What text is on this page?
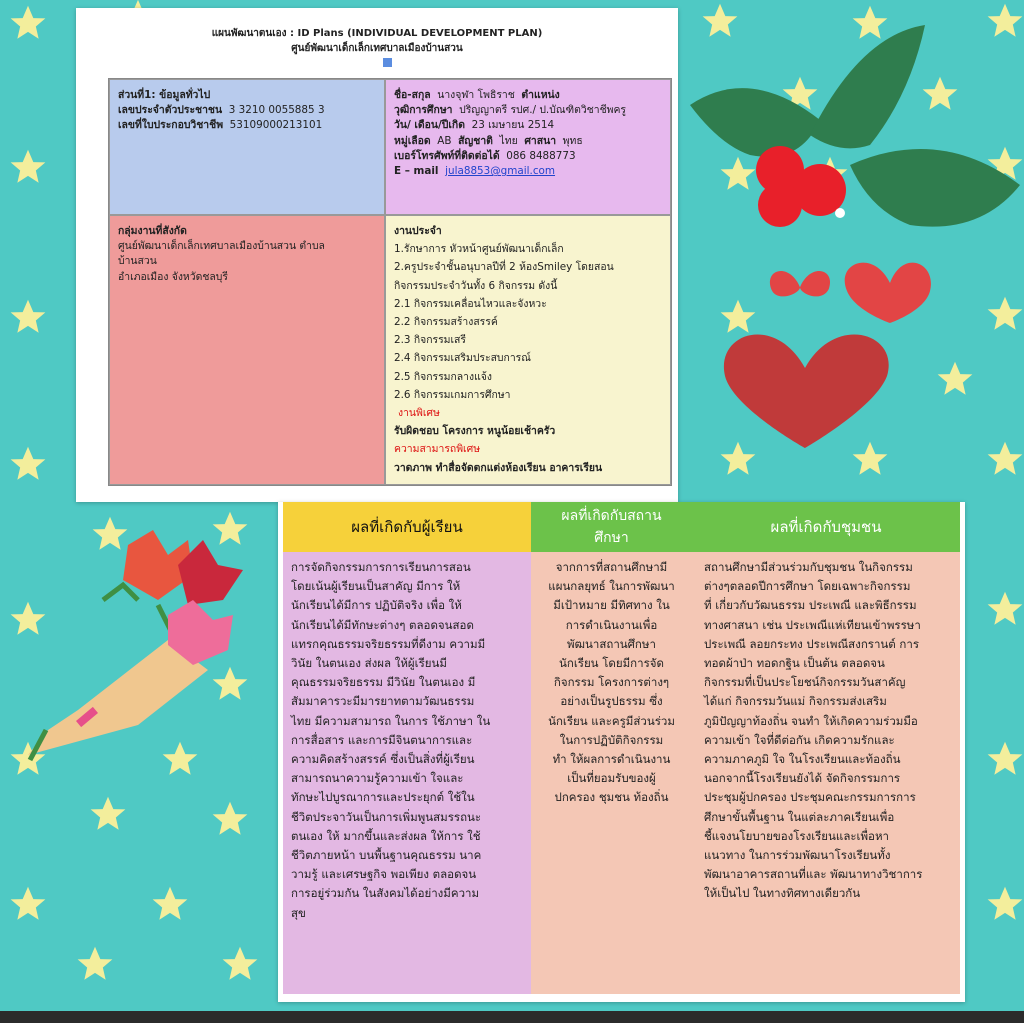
แผนพัฒนาตนเอง : ID Plans (INDIVIDUAL DEVELOPMENT PLAN)
ศูนย์พัฒนาเด็กเล็กเทศบาลเมืองบ้านสวน
ส่วนที่1: ข้อมูลทั่วไป
เลขประจำตัวประชาชน 3 3210 0055885 3
เลขที่ใบประกอบวิชาชีพ 53109000213101
ชื่อ-สกุล นางจุฬา โพธิราช ตำแหน่ง
วุฒิการศึกษา ปริญญาตรี รปศ./ ป.บัณฑิตวิชาชีพครู
วัน/ เดือน/ปีเกิด 23 เมษายน 2514
หมู่เลือด AB สัญชาติ ไทย ศาสนา พุทธ
เบอร์โทรศัพท์ที่ติดต่อได้ 086 8488773
E – mail jula8853@gmail.com
กลุ่มงานที่สังกัด
ศูนย์พัฒนาเด็กเล็กเทศบาลเมืองบ้านสวน ตำบล
บ้านสวน
อำเภอเมือง จังหวัดชลบุรี
งานประจำ
1.รักษาการ หัวหน้าศูนย์พัฒนาเด็กเล็ก
2.ครูประจำชั้นอนุบาลปีที่ 2 ห้องSmiley โดยสอน
กิจกรรมประจำวันทั้ง 6 กิจกรรม ดังนี้
2.1 กิจกรรมเคลื่อนไหวและจังหวะ
2.2 กิจกรรมสร้างสรรค์
2.3 กิจกรรมเสรี
2.4 กิจกรรมเสริมประสบการณ์
2.5 กิจกรรมกลางแจ้ง
2.6 กิจกรรมเกมการศึกษา
งานพิเศษ
รับผิดชอบ โครงการ หนูน้อยเช้าครัว
ความสามารถพิเศษ
วาดภาพ ทำสื่อจัดตกแต่งห้องเรียน อาคารเรียน
ผลที่เกิดกับผู้เรียน
การจัดกิจกรรมการการเรียนการสอน
โดยเน้นผู้เรียนเป็นสาคัญ มีการ ให้
นักเรียนได้มีการ ปฏิบัติจริง เพื่อ ให้
นักเรียนได้มีทักษะต่างๆ ตลอดจนสอด
แทรกคุณธรรมจริยธรรมที่ดีงาม ความมี
วินัย ในตนเอง ส่งผล ให้ผู้เรียนมี
คุณธรรมจริยธรรม มีวินัย ในตนเอง มี
สัมมาคารวะมีมารยาทตามวัฒนธรรม
ไทย มีความสามารถ ในการ ใช้ภาษา ใน
การสื่อสาร และการมีจินตนาการและ
ความคิดสร้างสรรค์ ซึ่งเป็นสิ่งที่ผู้เรียน
สามารถนาความรู้ความเข้า ใจและ
ทักษะไปบูรณาการและประยุกต์ ใช้ใน
ชีวิตประจาวันเป็นการเพิ่มพูนสมรรถนะ
ตนเอง ให้ มากขึ้นและส่งผล ให้การ ใช้
ชีวิตภายหน้า บนพื้นฐานคุณธรรม นาค
วามรู้ และเศรษฐกิจ พอเพียง ตลอดจน
การอยู่ร่วมกัน ในสังคมได้อย่างมีความ
สุข
ผลที่เกิดกับสถาน
ศึกษา
จากการที่สถานศึกษามี
แผนกลยุทธ์ ในการพัฒนา
มีเป้าหมาย มีทิศทาง ใน
การดำเนินงานเพื่อ
พัฒนาสถานศึกษา
นักเรียน โดยมีการจัด
กิจกรรม โครงการต่างๆ
อย่างเป็นรูปธรรม ซึ่ง
นักเรียน และครูมีส่วนร่วม
ในการปฏิบัติกิจกรรม
ทำ ให้ผลการดำเนินงาน
เป็นที่ยอมรับของผู้
ปกครอง ชุมชน ท้องถิ่น
ผลที่เกิดกับชุมชน
สถานศึกษามีส่วนร่วมกับชุมชน ในกิจกรรม
ต่างๆตลอดปีการศึกษา โดยเฉพาะกิจกรรม
ที่ เกี่ยวกับวัฒนธรรม ประเพณี และพิธีกรรม
ทางศาสนา เช่น ประเพณีแห่เทียนเข้าพรรษา
ประเพณี ลอยกระทง ประเพณีสงกรานต์ การ
ทอดผ้าป่า ทอดกฐิน เป็นต้น ตลอดจน
กิจกรรมที่เป็นประโยชน์กิจกรรมวันสาคัญ
ได้แก่ กิจกรรมวันแม่ กิจกรรมส่งเสริม
ภูมิปัญญาท้องถิ่น จนทำ ให้เกิดความร่วมมือ
ความเข้า ใจที่ดีต่อกัน เกิดความรักและ
ความภาคภูมิ ใจ ในโรงเรียนและท้องถิ่น
นอกจากนี้โรงเรียนยังได้ จัดกิจกรรมการ
ประชุมผู้ปกครอง ประชุมคณะกรรมการการ
ศึกษาขั้นพื้นฐาน ในแต่ละภาคเรียนเพื่อ
ชี้แจงนโยบายของโรงเรียนและเพื่อหา
แนวทาง ในการร่วมพัฒนาโรงเรียนทั้ง
พัฒนาอาคารสถานที่และ พัฒนาทางวิชาการ
ให้เป็นไป ในทางทิศทางเดียวกัน
